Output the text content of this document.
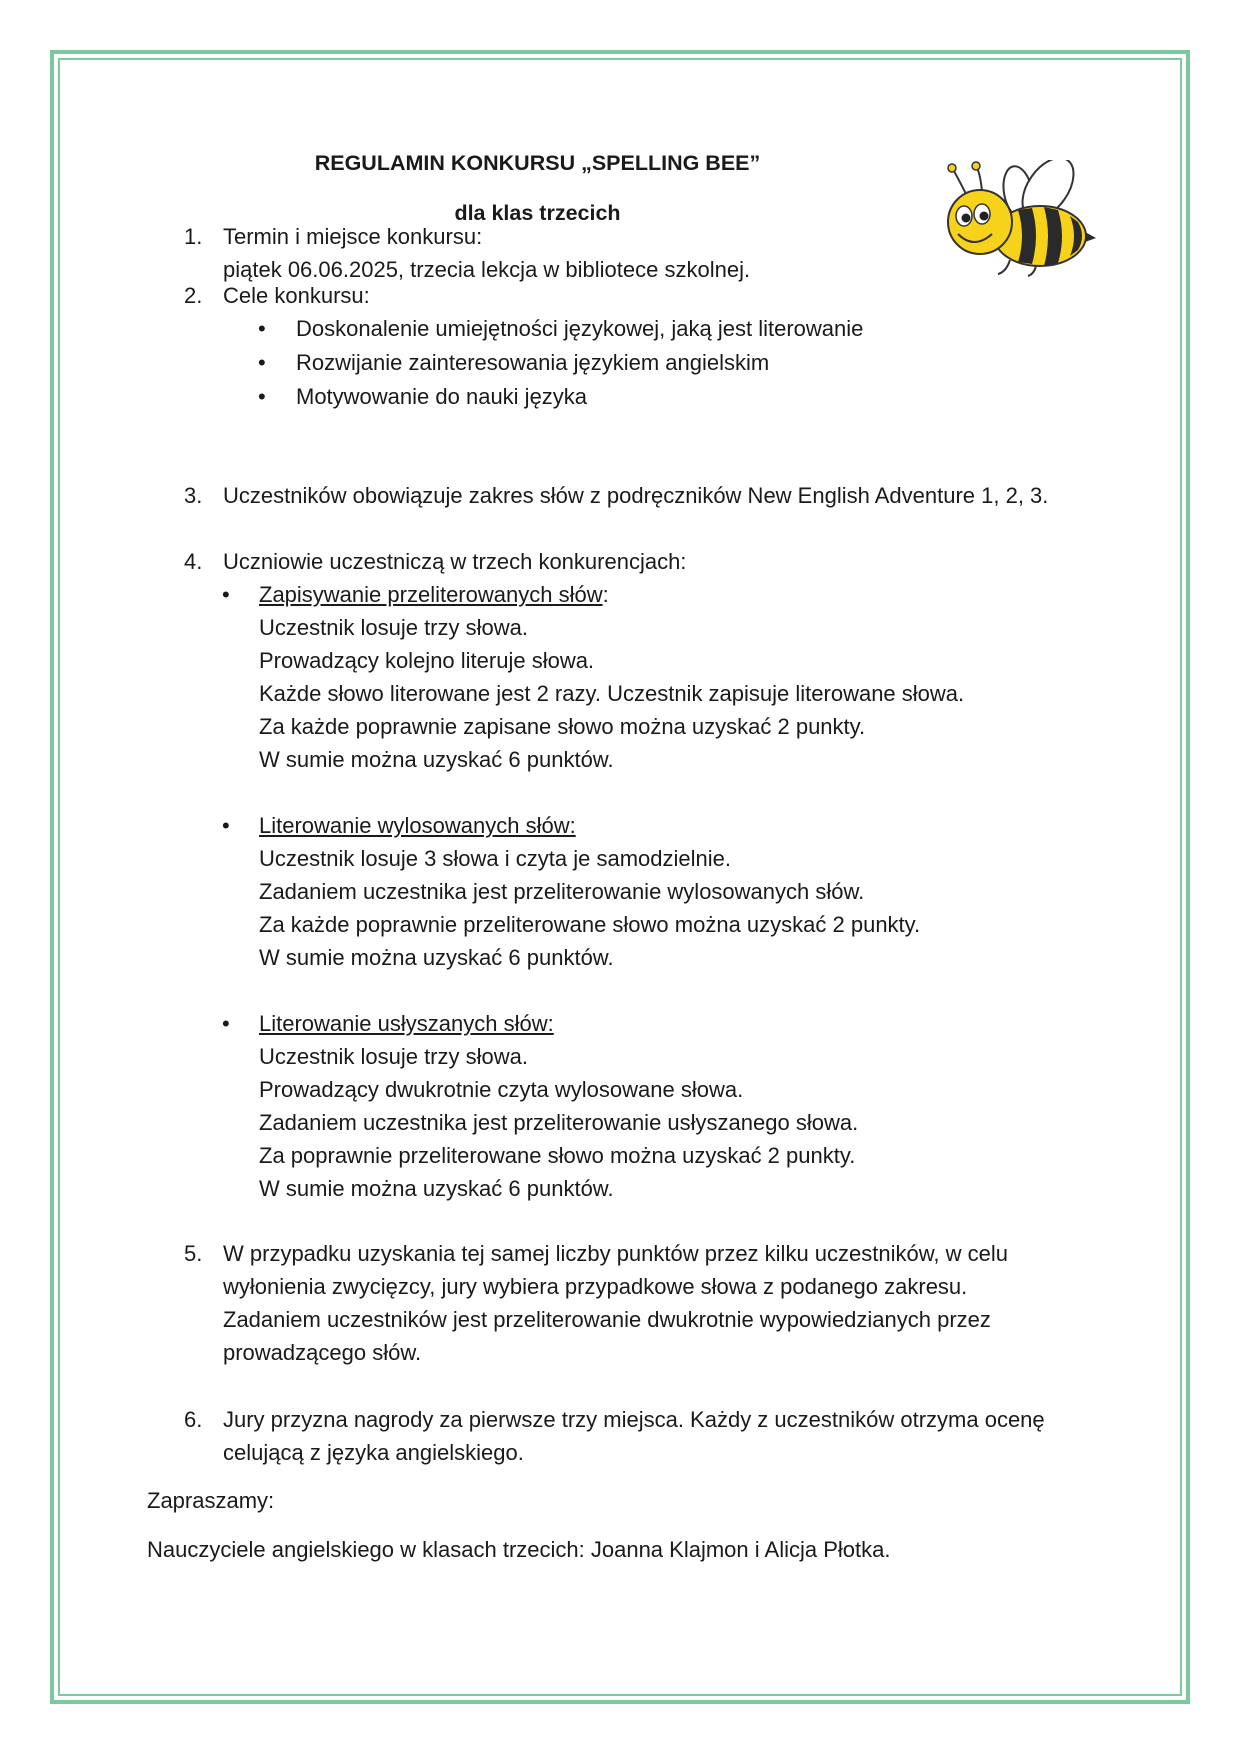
REGULAMIN KONKURSU „SPELLING BEE”
dla klas trzecich
1. Termin i miejsce konkursu:
piątek 06.06.2025, trzecia lekcja w bibliotece szkolnej.
2. Cele konkursu:
• Doskonalenie umiejętności językowej, jaką jest literowanie
• Rozwijanie zainteresowania językiem angielskim
• Motywowanie do nauki języka
3. Uczestników obowiązuje zakres słów z podręczników New English Adventure 1, 2, 3.
4. Uczniowie uczestniczą w trzech konkurencjach:
• Zapisywanie przeliterowanych słów:
Uczestnik losuje trzy słowa.
Prowadzący kolejno literuje słowa.
Każde słowo literowane jest 2 razy. Uczestnik zapisuje literowane słowa.
Za każde poprawnie zapisane słowo można uzyskać 2 punkty.
W sumie można uzyskać 6 punktów.
• Literowanie wylosowanych słów:
Uczestnik losuje 3 słowa i czyta je samodzielnie.
Zadaniem uczestnika jest przeliterowanie wylosowanych słów.
Za każde poprawnie przeliterowane słowo można uzyskać 2 punkty.
W sumie można uzyskać 6 punktów.
• Literowanie usłyszanych słów:
Uczestnik losuje trzy słowa.
Prowadzący dwukrotnie czyta wylosowane słowa.
Zadaniem uczestnika jest przeliterowanie usłyszanego słowa.
Za poprawnie przeliterowane słowo można uzyskać 2 punkty.
W sumie można uzyskać 6 punktów.
5. W przypadku uzyskania tej samej liczby punktów przez kilku uczestników, w celu
wyłonienia zwycięzcy, jury wybiera przypadkowe słowa z podanego zakresu.
Zadaniem uczestników jest przeliterowanie dwukrotnie wypowiedzianych przez
prowadzącego słów.
6. Jury przyzna nagrody za pierwsze trzy miejsca. Każdy z uczestników otrzyma ocenę
celującą z języka angielskiego.
Zapraszamy:
Nauczyciele angielskiego w klasach trzecich: Joanna Klajmon i Alicja Płotka.
